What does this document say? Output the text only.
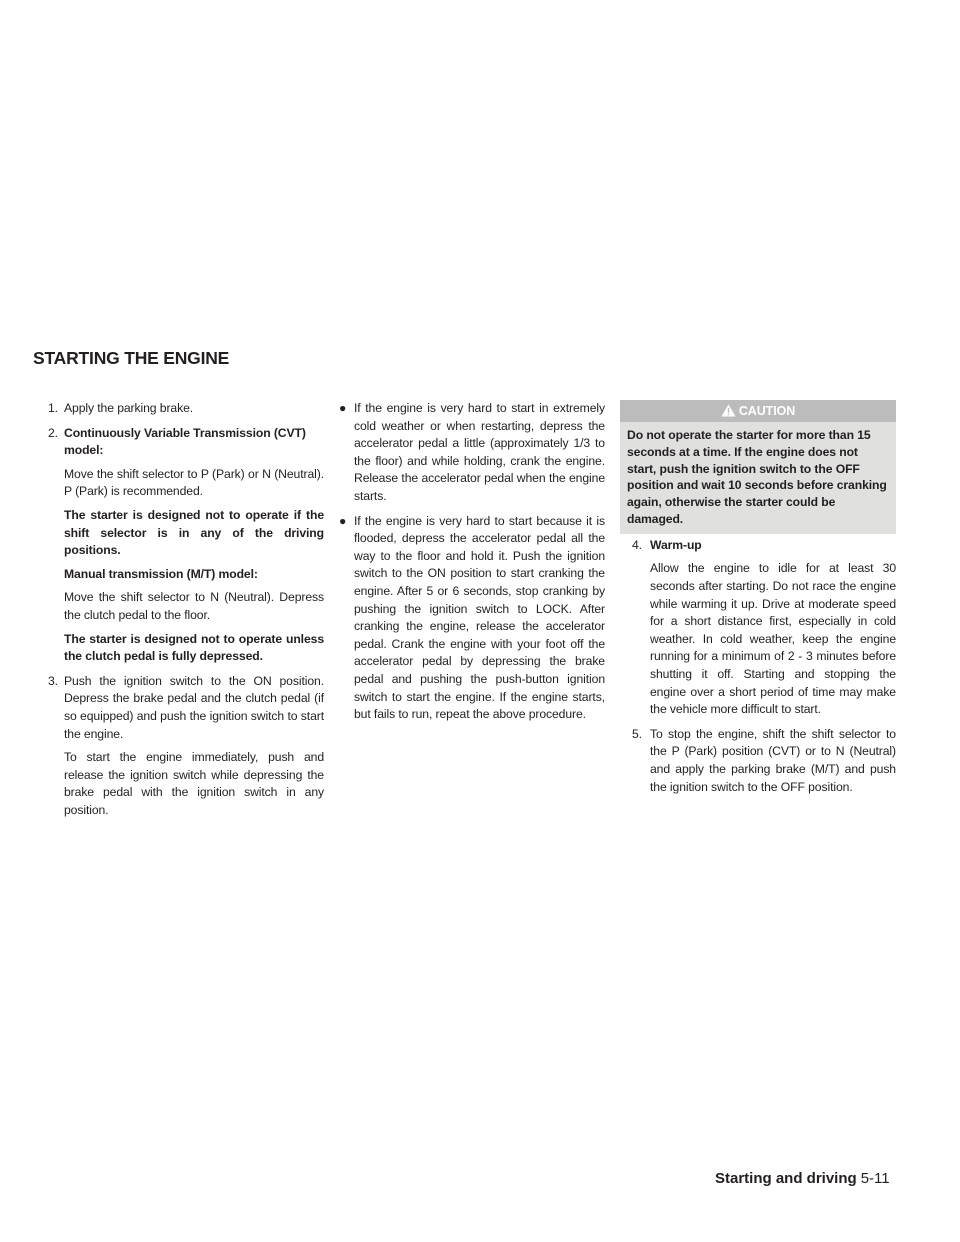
STARTING THE ENGINE
1. Apply the parking brake.

2. Continuously Variable Transmission (CVT) model:

Move the shift selector to P (Park) or N (Neutral). P (Park) is recommended.

The starter is designed not to operate if the shift selector is in any of the driving positions.

Manual transmission (M/T) model:

Move the shift selector to N (Neutral). Depress the clutch pedal to the floor.

The starter is designed not to operate unless the clutch pedal is fully depressed.

3. Push the ignition switch to the ON position. Depress the brake pedal and the clutch pedal (if so equipped) and push the ignition switch to start the engine.

To start the engine immediately, push and release the ignition switch while depressing the brake pedal with the ignition switch in any position.

● If the engine is very hard to start in extremely cold weather or when restarting, depress the accelerator pedal a little (approximately 1/3 to the floor) and while holding, crank the engine. Release the accelerator pedal when the engine starts.
● If the engine is very hard to start because it is flooded, depress the accelerator pedal all the way to the floor and hold it. Push the ignition switch to the ON position to start cranking the engine. After 5 or 6 seconds, stop cranking by pushing the ignition switch to LOCK. After cranking the engine, release the accelerator pedal. Crank the engine with your foot off the accelerator pedal by depressing the brake pedal and pushing the push-button ignition switch to start the engine. If the engine starts, but fails to run, repeat the above procedure.
CAUTION

Do not operate the starter for more than 15 seconds at a time. If the engine does not start, push the ignition switch to the OFF position and wait 10 seconds before cranking again, otherwise the starter could be damaged.

4. Warm-up

Allow the engine to idle for at least 30 seconds after starting. Do not race the engine while warming it up. Drive at moderate speed for a short distance first, especially in cold weather. In cold weather, keep the engine running for a minimum of 2 - 3 minutes before shutting it off. Starting and stopping the engine over a short period of time may make the vehicle more difficult to start.

5. To stop the engine, shift the shift selector to the P (Park) position (CVT) or to N (Neutral) and apply the parking brake (M/T) and push the ignition switch to the OFF position.

Starting and driving 5-11
